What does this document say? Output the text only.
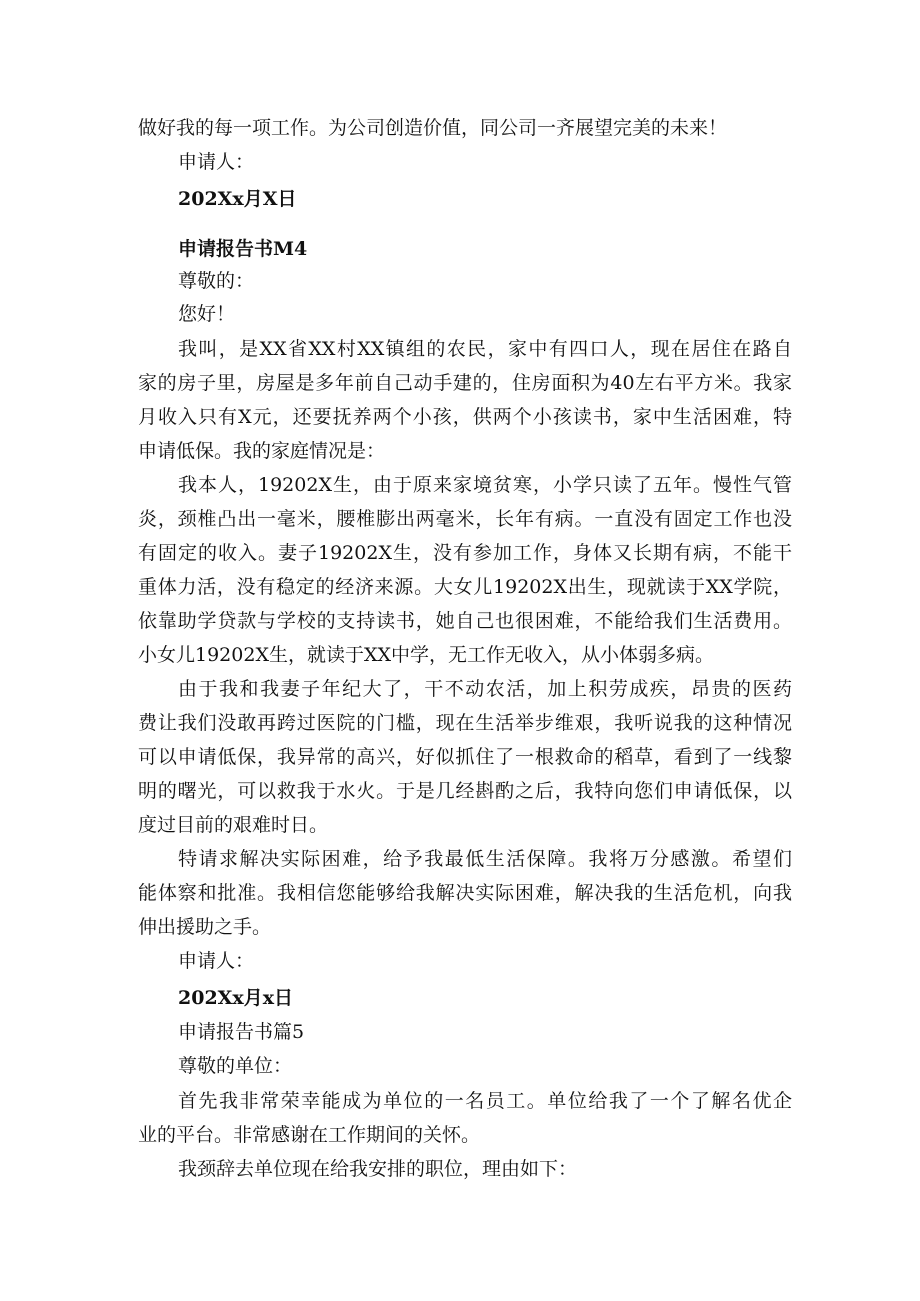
做好我的每一项工作。为公司创造价值，同公司一齐展望完美的未来！
申请人：
202Xx月X日
申请报告书M4
尊敬的：
您好！
我叫，是XX省XX村XX镇组的农民，家中有四口人，现在居住在路自
家的房子里，房屋是多年前自己动手建的，住房面积为40左右平方米。我家
月收入只有X元，还要抚养两个小孩，供两个小孩读书，家中生活困难，特
申请低保。我的家庭情况是：
我本人，19202X生，由于原来家境贫寒，小学只读了五年。慢性气管
炎，颈椎凸出一毫米，腰椎膨出两毫米，长年有病。一直没有固定工作也没
有固定的收入。妻子19202X生，没有参加工作，身体又长期有病，不能干
重体力活，没有稳定的经济来源。大女儿19202X出生，现就读于XX学院，
依靠助学贷款与学校的支持读书，她自己也很困难，不能给我们生活费用。
小女儿19202X生，就读于XX中学，无工作无收入，从小体弱多病。
由于我和我妻子年纪大了，干不动农活，加上积劳成疾，昂贵的医药
费让我们没敢再跨过医院的门槛，现在生活举步维艰，我听说我的这种情况
可以申请低保，我异常的高兴，好似抓住了一根救命的稻草，看到了一线黎
明的曙光，可以救我于水火。于是几经斟酌之后，我特向您们申请低保，以
度过目前的艰难时日。
特请求解决实际困难，给予我最低生活保障。我将万分感激。希望们
能体察和批准。我相信您能够给我解决实际困难，解决我的生活危机，向我
伸出援助之手。
申请人：
202Xx月x日
申请报告书篇5
尊敬的单位：
首先我非常荣幸能成为单位的一名员工。单位给我了一个了解名优企
业的平台。非常感谢在工作期间的关怀。
我颈辞去单位现在给我安排的职位，理由如下：
